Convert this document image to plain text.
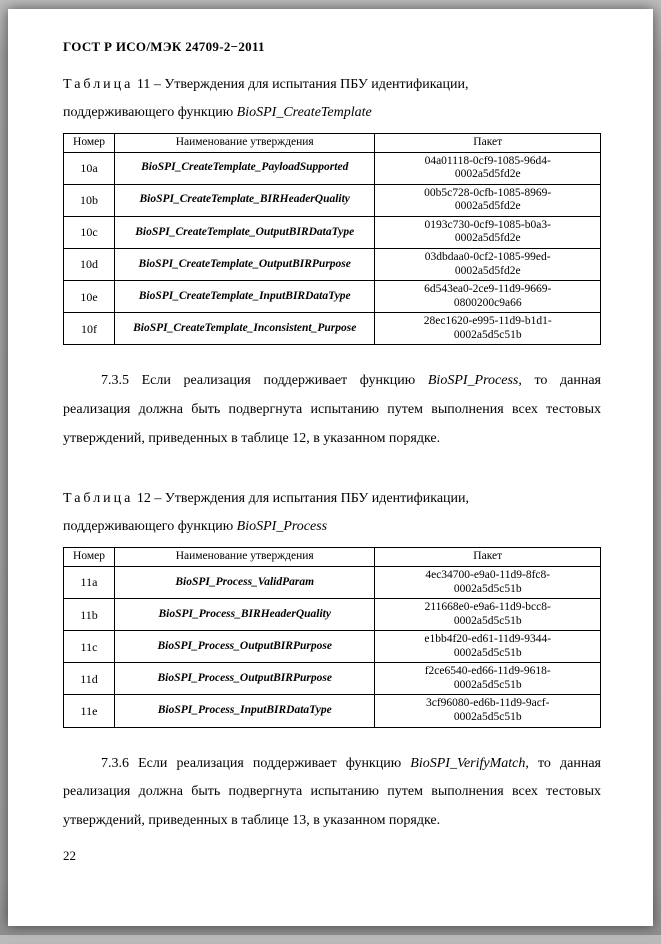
ГОСТ Р ИСО/МЭК 24709-2−2011
Таблица 11 – Утверждения для испытания ПБУ идентификации,
поддерживающего функцию BioSPI_CreateTemplate
Номер	Наименование утверждения	Пакет
10a	BioSPI_CreateTemplate_PayloadSupported	04a01118-0cf9-1085-96d4-
0002a5d5fd2e
10b	BioSPI_CreateTemplate_BIRHeaderQuality	00b5c728-0cfb-1085-8969-
0002a5d5fd2e
10c	BioSPI_CreateTemplate_OutputBIRDataType	0193c730-0cf9-1085-b0a3-
0002a5d5fd2e
10d	BioSPI_CreateTemplate_OutputBIRPurpose	03dbdaa0-0cf2-1085-99ed-
0002a5d5fd2e
10e	BioSPI_CreateTemplate_InputBIRDataType	6d543ea0-2ce9-11d9-9669-
0800200c9a66
10f	BioSPI_CreateTemplate_Inconsistent_Purpose	28ec1620-e995-11d9-b1d1-
0002a5d5c51b
7.3.5 Если реализация поддерживает функцию BioSPI_Process, то данная реализация должна быть подвергнута испытанию путем выполнения всех тестовых утверждений, приведенных в таблице 12, в указанном порядке.
Таблица 12 – Утверждения для испытания ПБУ идентификации,
поддерживающего функцию BioSPI_Process
Номер	Наименование утверждения	Пакет
11a	BioSPI_Process_ValidParam	4ec34700-e9a0-11d9-8fc8-
0002a5d5c51b
11b	BioSPI_Process_BIRHeaderQuality	211668e0-e9a6-11d9-bcc8-
0002a5d5c51b
11c	BioSPI_Process_OutputBIRPurpose	e1bb4f20-ed61-11d9-9344-
0002a5d5c51b
11d	BioSPI_Process_OutputBIRPurpose	f2ce6540-ed66-11d9-9618-
0002a5d5c51b
11e	BioSPI_Process_InputBIRDataType	3cf96080-ed6b-11d9-9acf-
0002a5d5c51b
7.3.6 Если реализация поддерживает функцию BioSPI_VerifyMatch, то данная реализация должна быть подвергнута испытанию путем выполнения всех тестовых утверждений, приведенных в таблице 13, в указанном порядке.
22
